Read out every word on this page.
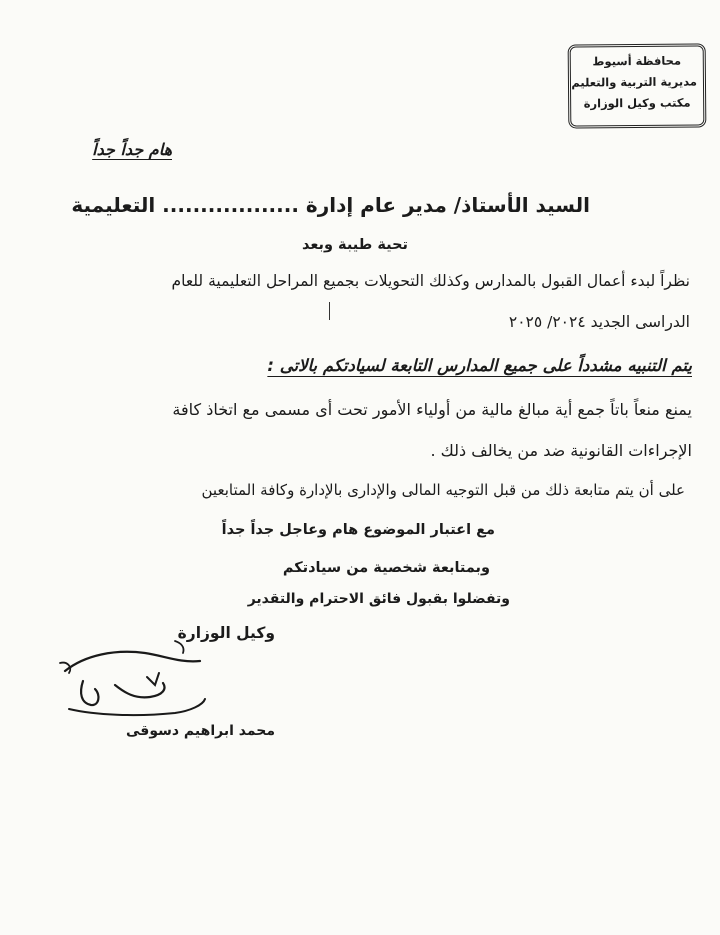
محافظة أسيوط
مديرية التربية والتعليم
مكتب وكيل الوزارة
هام جداً جداً
السيد الأستاذ/ مدير عام إدارة .................. التعليمية
تحية طيبة وبعد
نظراً لبدء أعمال القبول بالمدارس وكذلك التحويلات بجميع المراحل التعليمية للعام
الدراسى الجديد ٢٠٢٤/ ٢٠٢٥
يتم التنبيه مشدداً على جميع المدارس التابعة لسيادتكم بالاتى :
يمنع منعاً باتاً جمع أية مبالغ مالية من أولياء الأمور تحت أى مسمى مع اتخاذ كافة
الإجراءات القانونية ضد من يخالف ذلك .
على أن يتم متابعة ذلك من قبل التوجيه المالى والإدارى بالإدارة وكافة المتابعين
مع اعتبار الموضوع هام وعاجل جداً جداً
وبمتابعة شخصية من سيادتكم
وتفضلوا بقبول فائق الاحترام والتقدير
وكيل الوزارة
محمد ابراهيم دسوقى
